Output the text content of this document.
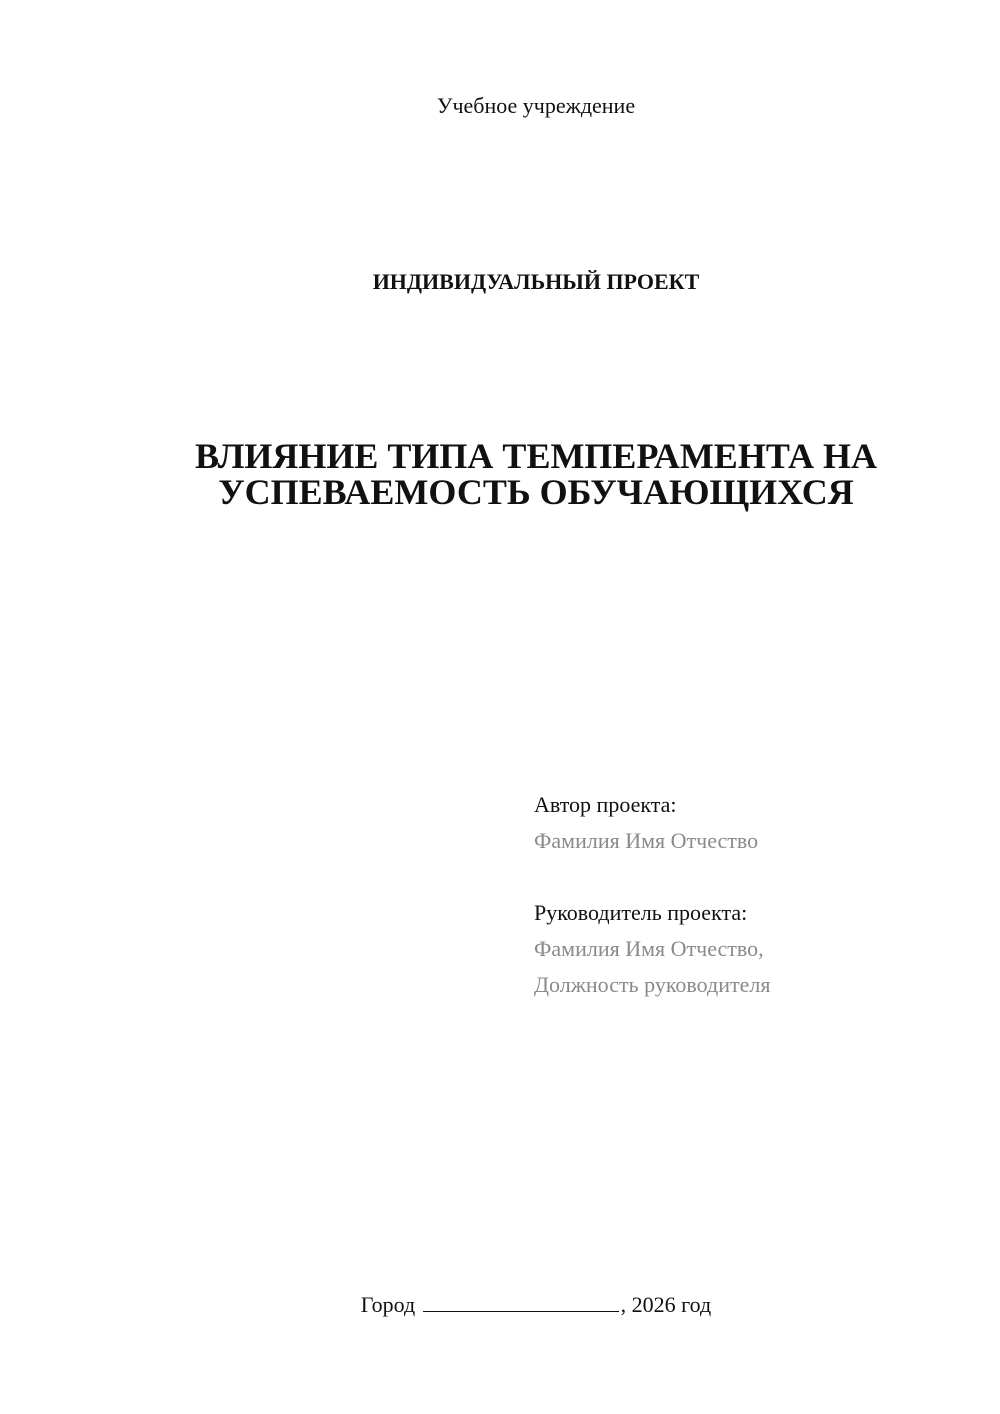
Учебное учреждение
ИНДИВИДУАЛЬНЫЙ ПРОЕКТ
ВЛИЯНИЕ ТИПА ТЕМПЕРАМЕНТА НА
УСПЕВАЕМОСТЬ ОБУЧАЮЩИХСЯ
Автор проекта:
Фамилия Имя Отчество
Руководитель проекта:
Фамилия Имя Отчество,
Должность руководителя
Город	, 2026 год
